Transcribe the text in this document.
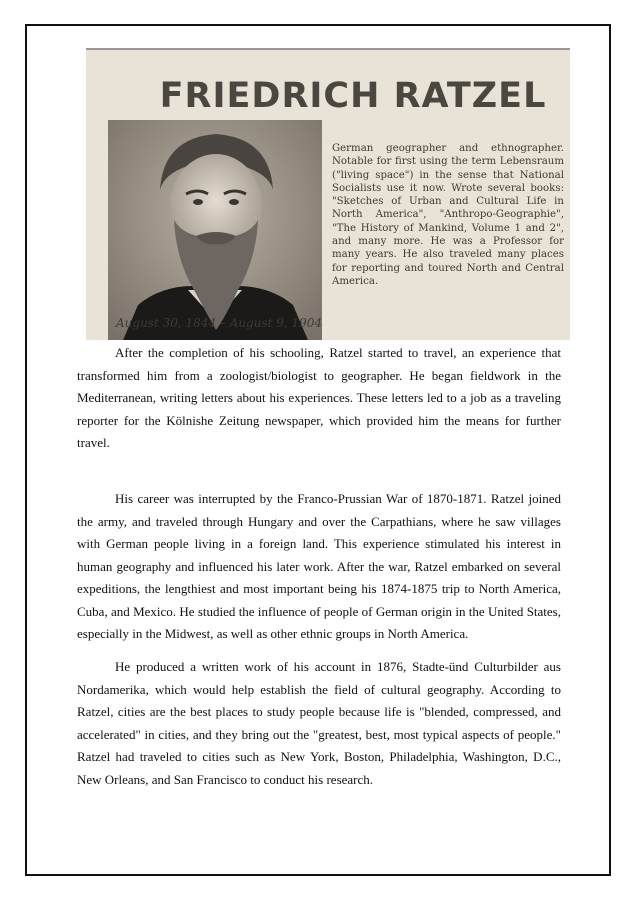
FRIEDRICH RATZEL
German geographer and ethnographer. Notable for first using the term Lebensraum ("living space") in the sense that National Socialists use it now. Wrote several books: "Sketches of Urban and Cultural Life in North America", "Anthropo-Geographie", "The History of Mankind, Volume 1 and 2", and many more. He was a Professor for many years. He also traveled many places for reporting and toured North and Central America.
August 30, 1844 – August 9, 1904

After the completion of his schooling, Ratzel started to travel, an experience that transformed him from a zoologist/biologist to geographer. He began fieldwork in the Mediterranean, writing letters about his experiences. These letters led to a job as a traveling reporter for the Kölnishe Zeitung newspaper, which provided him the means for further travel.

His career was interrupted by the Franco-Prussian War of 1870-1871. Ratzel joined the army, and traveled through Hungary and over the Carpathians, where he saw villages with German people living in a foreign land. This experience stimulated his interest in human geography and influenced his later work. After the war, Ratzel embarked on several expeditions, the lengthiest and most important being his 1874-1875 trip to North America, Cuba, and Mexico. He studied the influence of people of German origin in the United States, especially in the Midwest, as well as other ethnic groups in North America.

He produced a written work of his account in 1876, Stadte-ünd Culturbilder aus Nordamerika, which would help establish the field of cultural geography. According to Ratzel, cities are the best places to study people because life is "blended, compressed, and accelerated" in cities, and they bring out the "greatest, best, most typical aspects of people." Ratzel had traveled to cities such as New York, Boston, Philadelphia, Washington, D.C., New Orleans, and San Francisco to conduct his research.
